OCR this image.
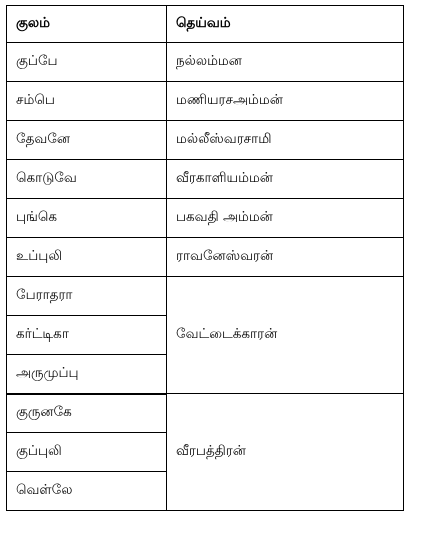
குலம்	தெய்வம்
குப்பே	நல்லம்மன
சம்பெ	மணியரசஅம்மன்
தேவனே	மல்லீஸ்வரசாமி
கொடுவே	வீரகாளியம்மன்
புங்கெ	பகவதி அம்மன்
உப்புலி	ராவனேஸ்வரன்
பேராதரா	வேட்டைக்காரன்
கர்ட்டிகா	
அருமுப்பு	
குருனகே	வீரபத்திரன்
குப்புலி	
வெள்லே	
